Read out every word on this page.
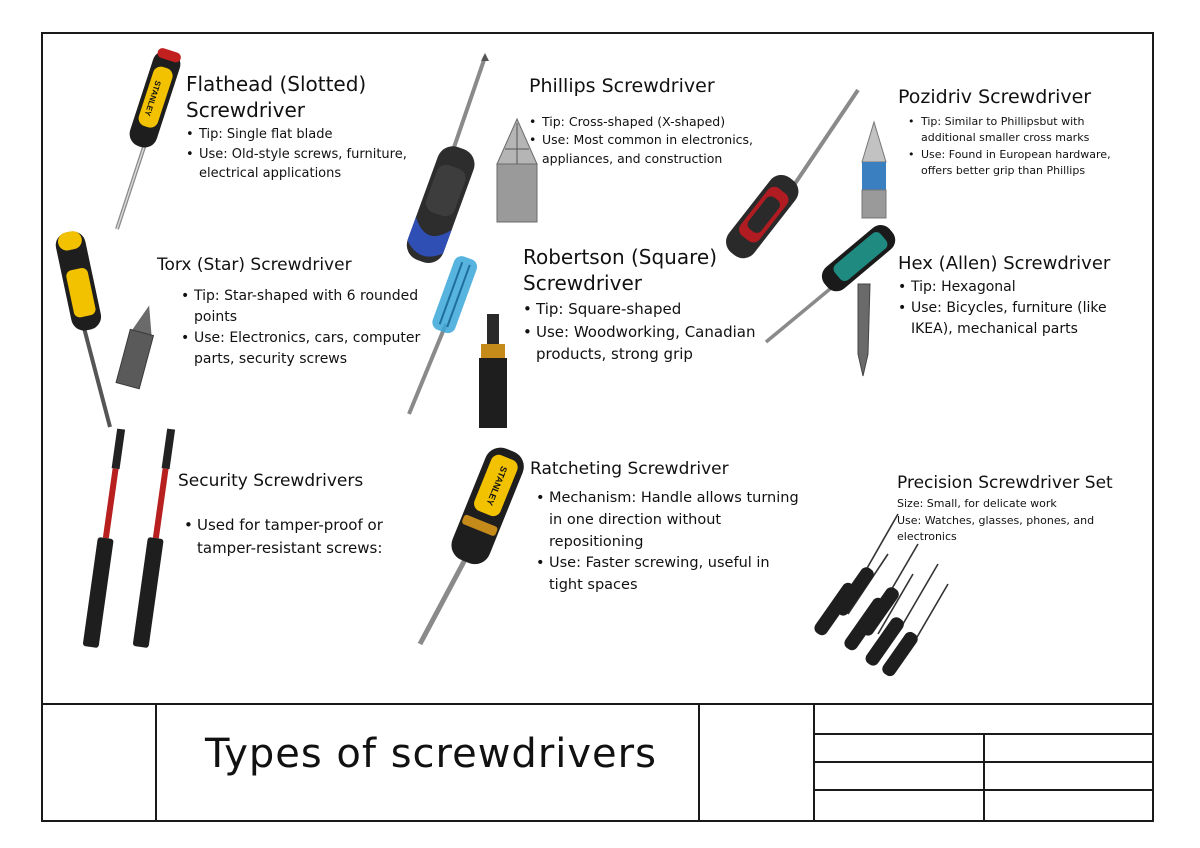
Flathead (Slotted) Screwdriver
• Tip: Single flat blade
• Use: Old-style screws, furniture, electrical applications
Phillips Screwdriver
• Tip: Cross-shaped (X-shaped)
• Use: Most common in electronics, appliances, and construction
Pozidriv Screwdriver
• Tip: Similar to Phillipsbut with additional smaller cross marks
• Use: Found in European hardware, offers better grip than Phillips
Torx (Star) Screwdriver
• Tip: Star-shaped with 6 rounded points
• Use: Electronics, cars, computer parts, security screws
Robertson (Square) Screwdriver
• Tip: Square-shaped
• Use: Woodworking, Canadian products, strong grip
Hex (Allen) Screwdriver
• Tip: Hexagonal
• Use: Bicycles, furniture (like IKEA), mechanical parts
Security Screwdrivers
• Used for tamper-proof or tamper-resistant screws:
Ratcheting Screwdriver
• Mechanism: Handle allows turning in one direction without repositioning
• Use: Faster screwing, useful in tight spaces
Precision Screwdriver Set
Size: Small, for delicate work
Use: Watches, glasses, phones, and electronics
STANLEY
STANLEY
Types of screwdrivers
